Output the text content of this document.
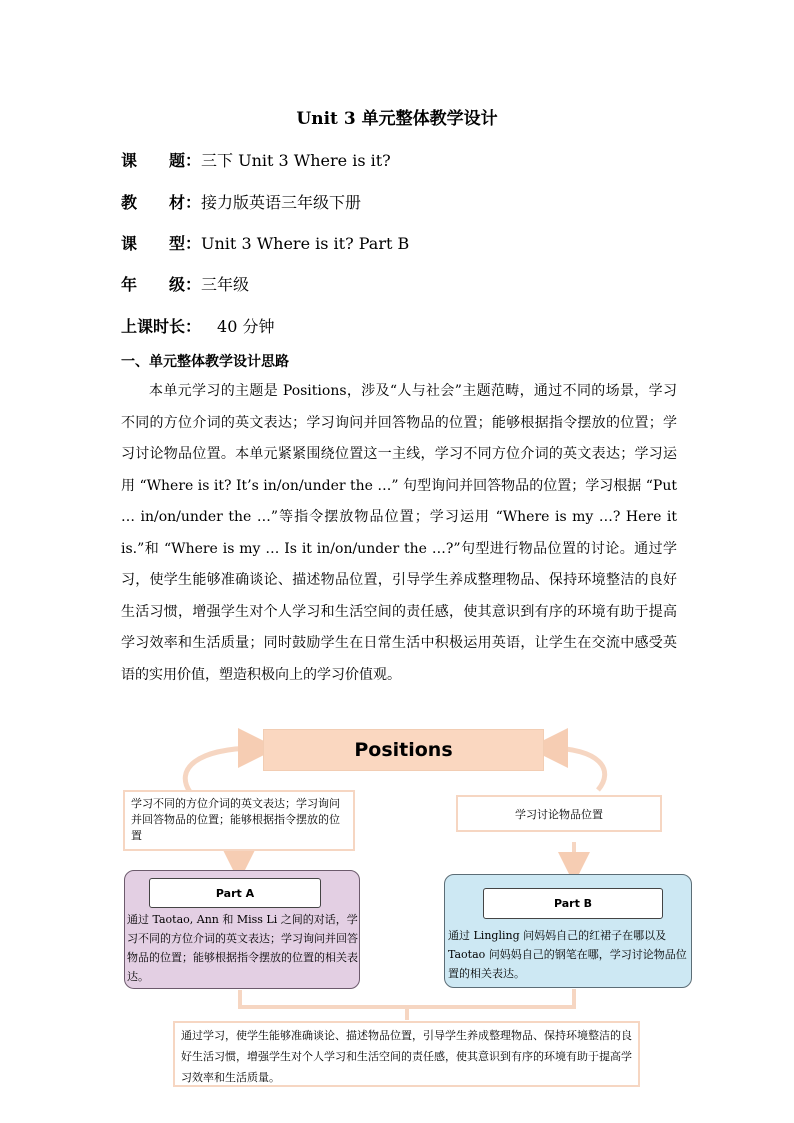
Unit 3 单元整体教学设计
课　　题：三下 Unit 3 Where is it?
教　　材：接力版英语三年级下册
课　　型：Unit 3 Where is it? Part B
年　　级：三年级
上课时长：　40 分钟
一、单元整体教学设计思路

本单元学习的主题是 Positions，涉及“人与社会”主题范畴，通过不同的场景，学习不同的方位介词的英文表达；学习询问并回答物品的位置；能够根据指令摆放的位置；学习讨论物品位置。本单元紧紧围绕位置这一主线，学习不同方位介词的英文表达；学习运用 “Where is it? It’s in/on/under the …” 句型询问并回答物品的位置；学习根据 “Put … in/on/under the …”等指令摆放物品位置；学习运用 “Where is my …? Here it is.”和 “Where is my … Is it in/on/under the …?”句型进行物品位置的讨论。通过学习，使学生能够准确谈论、描述物品位置，引导学生养成整理物品、保持环境整洁的良好生活习惯，增强学生对个人学习和生活空间的责任感，使其意识到有序的环境有助于提高学习效率和生活质量；同时鼓励学生在日常生活中积极运用英语，让学生在交流中感受英语的实用价值，塑造积极向上的学习价值观。

Positions
学习不同的方位介词的英文表达；学习询问并回答物品的位置；能够根据指令摆放的位置
学习讨论物品位置
Part A
通过 Taotao, Ann 和 Miss Li 之间的对话，学习不同的方位介词的英文表达；学习询问并回答物品的位置；能够根据指令摆放的位置的相关表达。
Part B
通过 Lingling 问妈妈自己的红裙子在哪以及 Taotao 问妈妈自己的钢笔在哪，学习讨论物品位置的相关表达。
通过学习，使学生能够准确谈论、描述物品位置，引导学生养成整理物品、保持环境整洁的良好生活习惯，增强学生对个人学习和生活空间的责任感，使其意识到有序的环境有助于提高学习效率和生活质量。
